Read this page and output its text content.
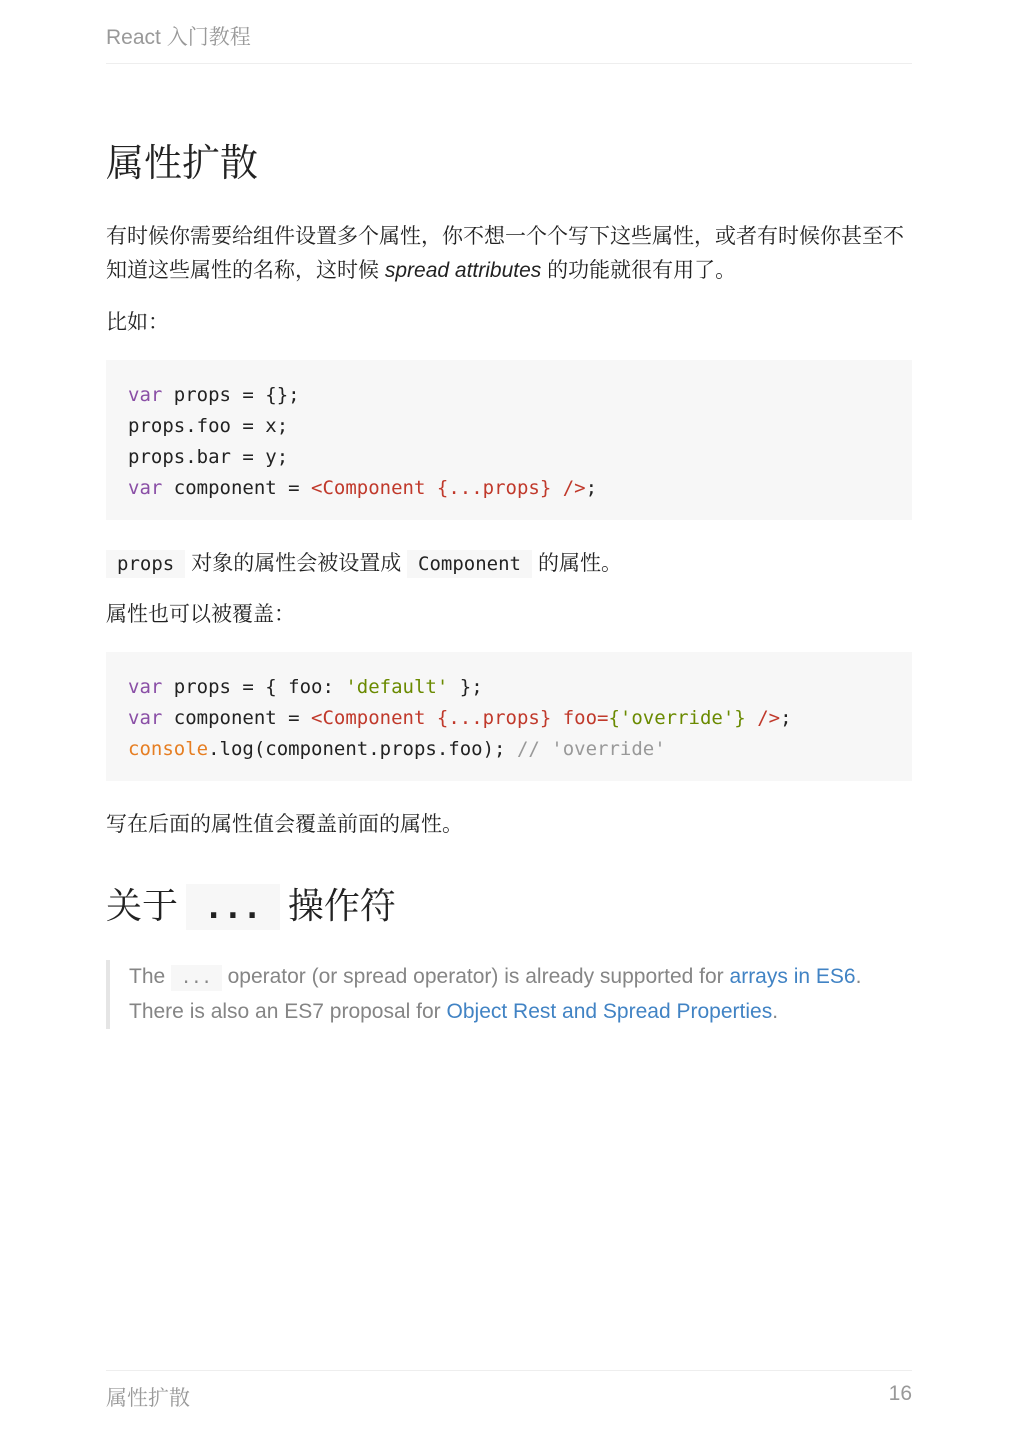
React 入门教程
属性扩散

有时候你需要给组件设置多个属性，你不想一个个写下这些属性，或者有时候你甚至不知道这些属性的名称，这时候 spread attributes 的功能就很有用了。

比如：

var props = {};
props.foo = x;
props.bar = y;
var component = <Component {...props} />;

props 对象的属性会被设置成 Component 的属性。

属性也可以被覆盖：

var props = { foo: 'default' };
var component = <Component {...props} foo={'override'} />;
console.log(component.props.foo); // 'override'

写在后面的属性值会覆盖前面的属性。

关于 ... 操作符
The ... operator (or spread operator) is already supported for arrays in ES6. There is also an ES7 proposal for Object Rest and Spread Properties.
属性扩散	16
